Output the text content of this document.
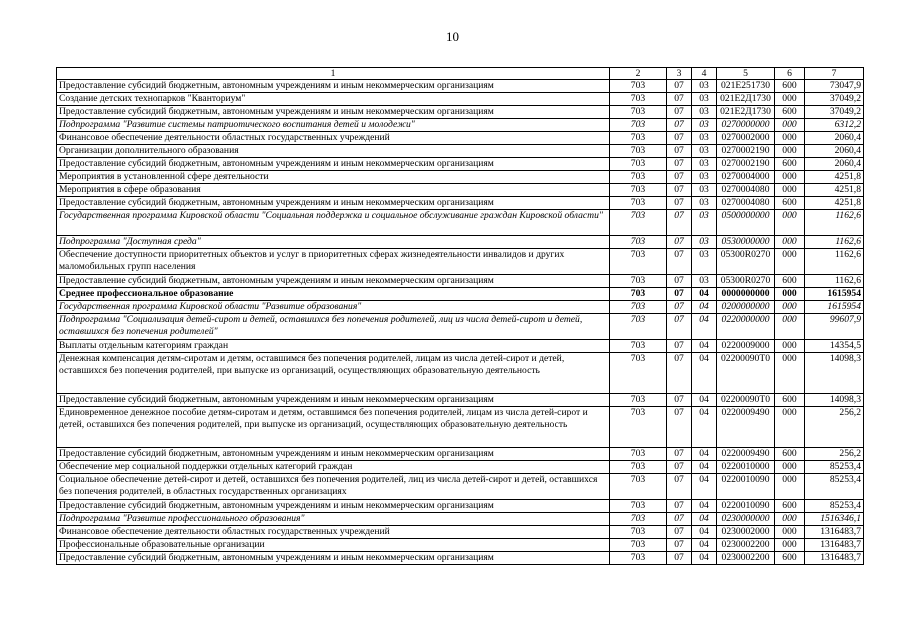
10
1	2	3	4	5	6	7
Предоставление субсидий бюджетным, автономным учреждениям и иным некоммерческим организациям	703	07	03	021E251730	600	73047,9
Создание детских технопарков "Кванториум"	703	07	03	021E2Д1730	000	37049,2
Предоставление субсидий бюджетным, автономным учреждениям и иным некоммерческим организациям	703	07	03	021E2Д1730	600	37049,2
Подпрограмма "Развитие системы патриотического воспитания детей и молодежи"	703	07	03	0270000000	000	6312,2
Финансовое обеспечение деятельности областных государственных учреждений	703	07	03	0270002000	000	2060,4
Организации дополнительного образования	703	07	03	0270002190	000	2060,4
Предоставление субсидий бюджетным, автономным учреждениям и иным некоммерческим организациям	703	07	03	0270002190	600	2060,4
Мероприятия в установленной сфере деятельности	703	07	03	0270004000	000	4251,8
Мероприятия в сфере образования	703	07	03	0270004080	000	4251,8
Предоставление субсидий бюджетным, автономным учреждениям и иным некоммерческим организациям	703	07	03	0270004080	600	4251,8
Государственная программа Кировской области "Социальная поддержка и социальное обслуживание граждан Кировской области"	703	07	03	0500000000	000	1162,6
Подпрограмма "Доступная среда"	703	07	03	0530000000	000	1162,6
Обеспечение доступности приоритетных объектов и услуг в приоритетных сферах жизнедеятельности инвалидов и других маломобильных групп населения	703	07	03	05300R0270	000	1162,6
Предоставление субсидий бюджетным, автономным учреждениям и иным некоммерческим организациям	703	07	03	05300R0270	600	1162,6
Среднее профессиональное образование	703	07	04	0000000000	000	1615954
Государственная программа Кировской области "Развитие образования"	703	07	04	0200000000	000	1615954
Подпрограмма "Социализация детей-сирот и детей, оставшихся без попечения родителей, лиц из числа детей-сирот и детей, оставшихся без попечения родителей"	703	07	04	0220000000	000	99607,9
Выплаты отдельным категориям граждан	703	07	04	0220009000	000	14354,5
Денежная компенсация детям-сиротам и детям, оставшимся без попечения родителей, лицам из числа детей-сирот и детей, оставшихся без попечения родителей, при выпуске из организаций, осуществляющих образовательную деятельность	703	07	04	02200090Т0	000	14098,3
Предоставление субсидий бюджетным, автономным учреждениям и иным некоммерческим организациям	703	07	04	02200090Т0	600	14098,3
Единовременное денежное пособие детям-сиротам и детям, оставшимся без попечения родителей, лицам из числа детей-сирот и детей, оставшихся без попечения родителей, при выпуске из организаций, осуществляющих образовательную деятельность	703	07	04	0220009490	000	256,2
Предоставление субсидий бюджетным, автономным учреждениям и иным некоммерческим организациям	703	07	04	0220009490	600	256,2
Обеспечение мер социальной поддержки отдельных категорий граждан	703	07	04	0220010000	000	85253,4
Социальное обеспечение детей-сирот и детей, оставшихся без попечения родителей, лиц из числа детей-сирот и детей, оставшихся без попечения родителей, в областных государственных организациях	703	07	04	0220010090	000	85253,4
Предоставление субсидий бюджетным, автономным учреждениям и иным некоммерческим организациям	703	07	04	0220010090	600	85253,4
Подпрограмма "Развитие профессионального образования"	703	07	04	0230000000	000	1516346,1
Финансовое обеспечение деятельности областных государственных учреждений	703	07	04	0230002000	000	1316483,7
Профессиональные образовательные организации	703	07	04	0230002200	000	1316483,7
Предоставление субсидий бюджетным, автономным учреждениям и иным некоммерческим организациям	703	07	04	0230002200	600	1316483,7
